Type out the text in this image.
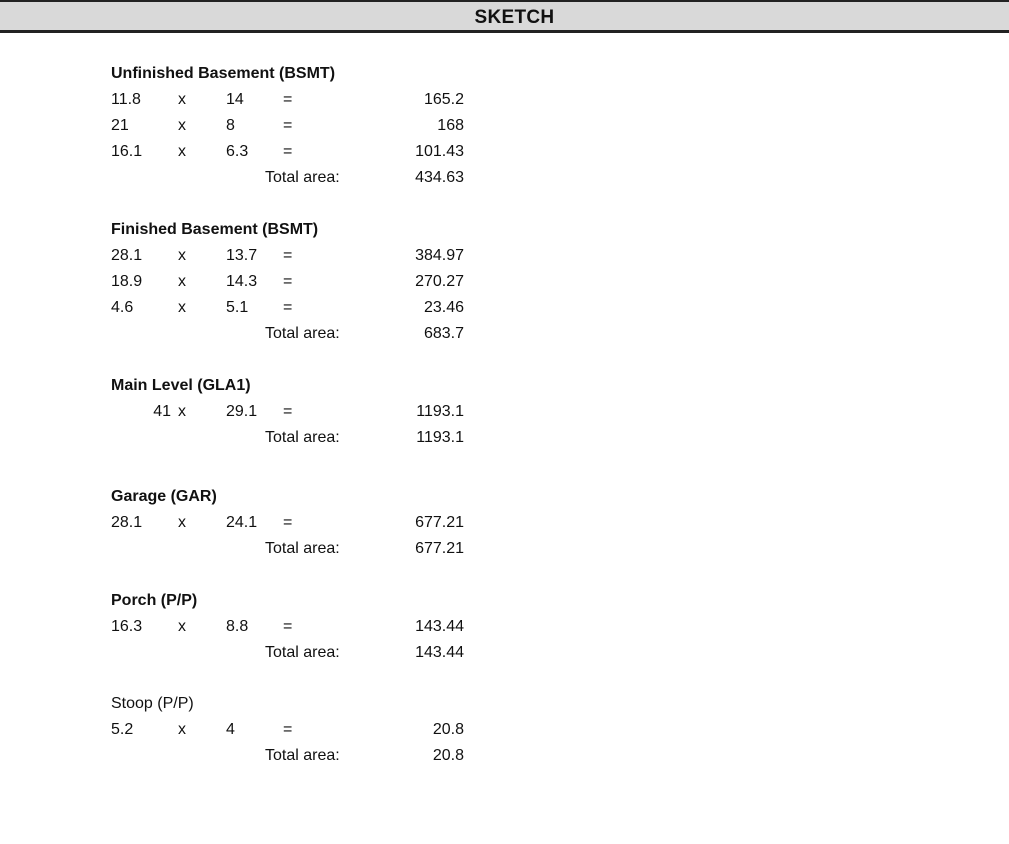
SKETCH
Unfinished Basement (BSMT)
11.8 x	14 =	165.2
21	x	8	=	168
16.1 x	6.3 =	101.43
Total area:	434.63
Finished Basement (BSMT)
28.1 x	13.7 =	384.97
18.9 x	14.3 =	270.27
4.6	x	5.1 =	23.46
Total area:	683.7
Main Level (GLA1)
41 x	29.1 =	1193.1
Total area:	1193.1
Garage (GAR)
28.1 x	24.1 =	677.21
Total area:	677.21
Porch (P/P)
16.3 x	8.8 =	143.44
Total area:	143.44
Stoop (P/P)
5.2	x	4	=	20.8
Total area:	20.8
